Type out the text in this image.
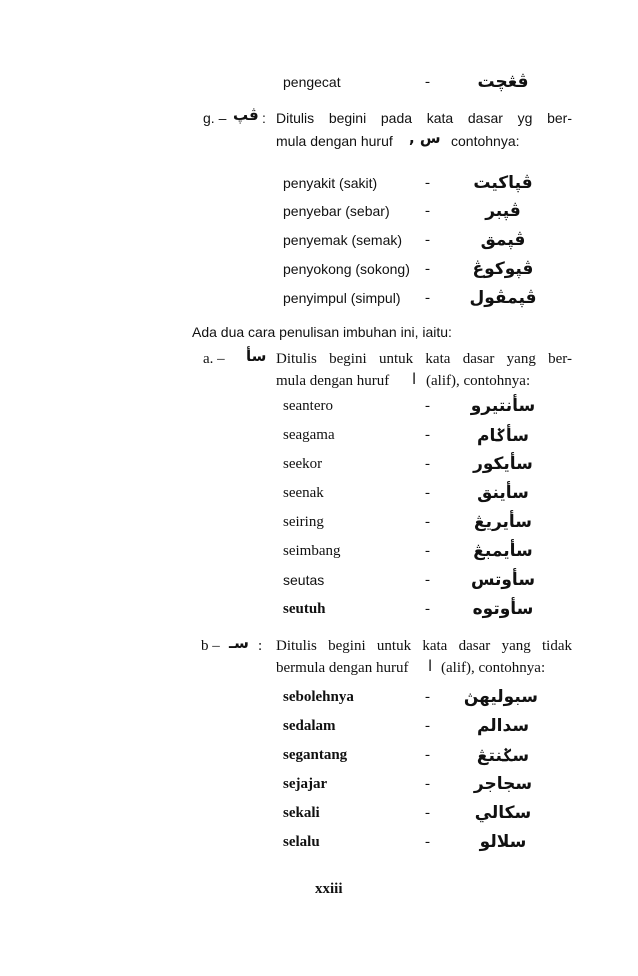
pengecat	-	ڤڠچت
g. – ڤپ : Ditulis begini pada kata dasar yg ber-
mula dengan huruf س , contohnya:
penyakit (sakit)	-	ڤپاکيت
penyebar (sebar) -	ڤپبر
penyemak (semak) -	ڤپمق
penyokong (sokong) -	ڤپوکوڠ
penyimpul (simpul) - ڤپمڤول
Ada dua cara penulisan imbuhan ini, iaitu:
a. – سأ Ditulis begini untuk kata dasar yang ber-
mula dengan huruf ا (alif), contohnya:
seantero	- سأنتيرو
seagama	-	سأݢام
seekor	-	سأيکور
seenak	-	سأينق
seiring	-	سأيريڠ
seimbang	-	سأيمبڠ
seutas	- سأوتس
seutuh	-	سأوتوه
b – سـ : Ditulis begini untuk kata dasar yang tidak
bermula dengan huruf ا (alif), contohnya:
sebolehnya	- سبوليهڽ
sedalam	-	سدالم
segantang	-	سݢنتڠ
sejajar	-	سجاجر
sekali	-	سکالي
selalu	-	سلالو
xxiii
